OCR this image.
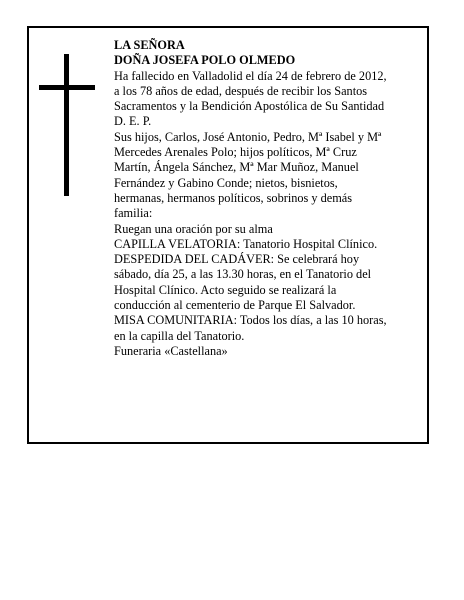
LA SEÑORA
DOÑA JOSEFA POLO OLMEDO
Ha fallecido en Valladolid el día 24 de febrero de 2012,
a los 78 años de edad, después de recibir los Santos
Sacramentos y la Bendición Apostólica de Su Santidad
D. E. P.
Sus hijos, Carlos, José Antonio, Pedro, Mª Isabel y Mª
Mercedes Arenales Polo; hijos políticos, Mª Cruz
Martín, Ángela Sánchez, Mª Mar Muñoz, Manuel
Fernández y Gabino Conde; nietos, bisnietos,
hermanas, hermanos políticos, sobrinos y demás
familia:
Ruegan una oración por su alma
CAPILLA VELATORIA: Tanatorio Hospital Clínico.
DESPEDIDA DEL CADÁVER: Se celebrará hoy
sábado, día 25, a las 13.30 horas, en el Tanatorio del
Hospital Clínico. Acto seguido se realizará la
conducción al cementerio de Parque El Salvador.
MISA COMUNITARIA: Todos los días, a las 10 horas,
en la capilla del Tanatorio.
Funeraria «Castellana»
